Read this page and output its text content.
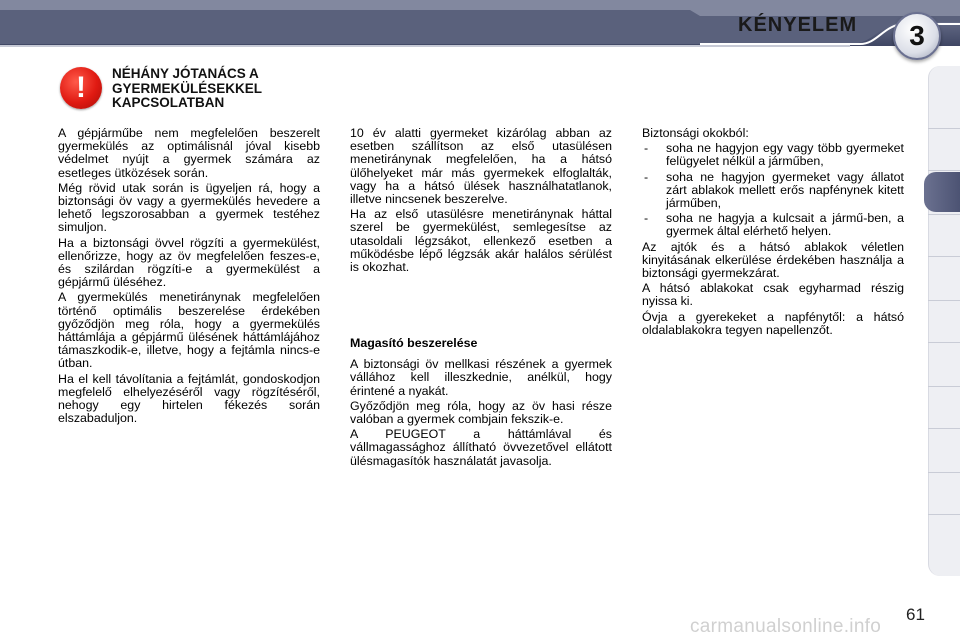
KÉNYELEM	3
!	NÉHÁNY JÓTANÁCS A
GYERMEKÜLÉSEKKEL
KAPCSOLATBAN

A gépjárműbe nem megfelelően beszerelt gyermekülés az optimálisnál jóval kisebb védelmet nyújt a gyermek számára az esetleges ütközések során.

Még rövid utak során is ügyeljen rá, hogy a biztonsági öv vagy a gyermekülés hevedere a lehető legszorosabban a gyermek testéhez simuljon.

Ha a biztonsági övvel rögzíti a gyermekülést, ellenőrizze, hogy az öv megfelelően feszes-e, és szilárdan rögzíti-e a gyermekülést a gépjármű üléséhez.

A gyermekülés menetiránynak megfelelően történő optimális beszerelése érdekében győződjön meg róla, hogy a gyermekülés háttámlája a gépjármű ülésének háttámlájához támaszkodik-e, illetve, hogy a fejtámla nincs-e útban.

Ha el kell távolítania a fejtámlát, gondoskodjon megfelelő elhelyezéséről vagy rögzítéséről, nehogy egy hirtelen fékezés során elszabaduljon.

10 év alatti gyermeket kizárólag abban az esetben szállítson az első utasülésen menetiránynak megfelelően, ha a hátsó ülőhelyeket már más gyermekek elfoglalták, vagy ha a hátsó ülések használhatatlanok, illetve nincsenek beszerelve.

Ha az első utasülésre menetiránynak háttal szerel be gyermekülést, semlegesítse az utasoldali légzsákot, ellenkező esetben a működésbe lépő légzsák akár halálos sérülést is okozhat.

Magasító beszerelése

A biztonsági öv mellkasi részének a gyermek vállához kell illeszkednie, anélkül, hogy érintené a nyakát.

Győződjön meg róla, hogy az öv hasi része valóban a gyermek combjain fekszik-e.

A PEUGEOT a háttámlával és vállmagassághoz állítható övvezetővel ellátott ülésmagasítók használatát javasolja.

Biztonsági okokból:

-	soha ne hagyjon egy vagy több gyermeket felügyelet nélkül a járműben,
-	soha ne hagyjon gyermeket vagy állatot zárt ablakok mellett erős napfénynek kitett járműben,
-	soha ne hagyja a kulcsait a jármű-ben, a gyermek által elérhető helyen.

Az ajtók és a hátsó ablakok véletlen kinyitásának elkerülése érdekében használja a biztonsági gyermekzárat.

A hátsó ablakokat csak egyharmad részig nyissa ki.

Óvja a gyerekeket a napfénytől: a hátsó oldalablakokra tegyen napellenzőt.

carmanualsonline.info
61
